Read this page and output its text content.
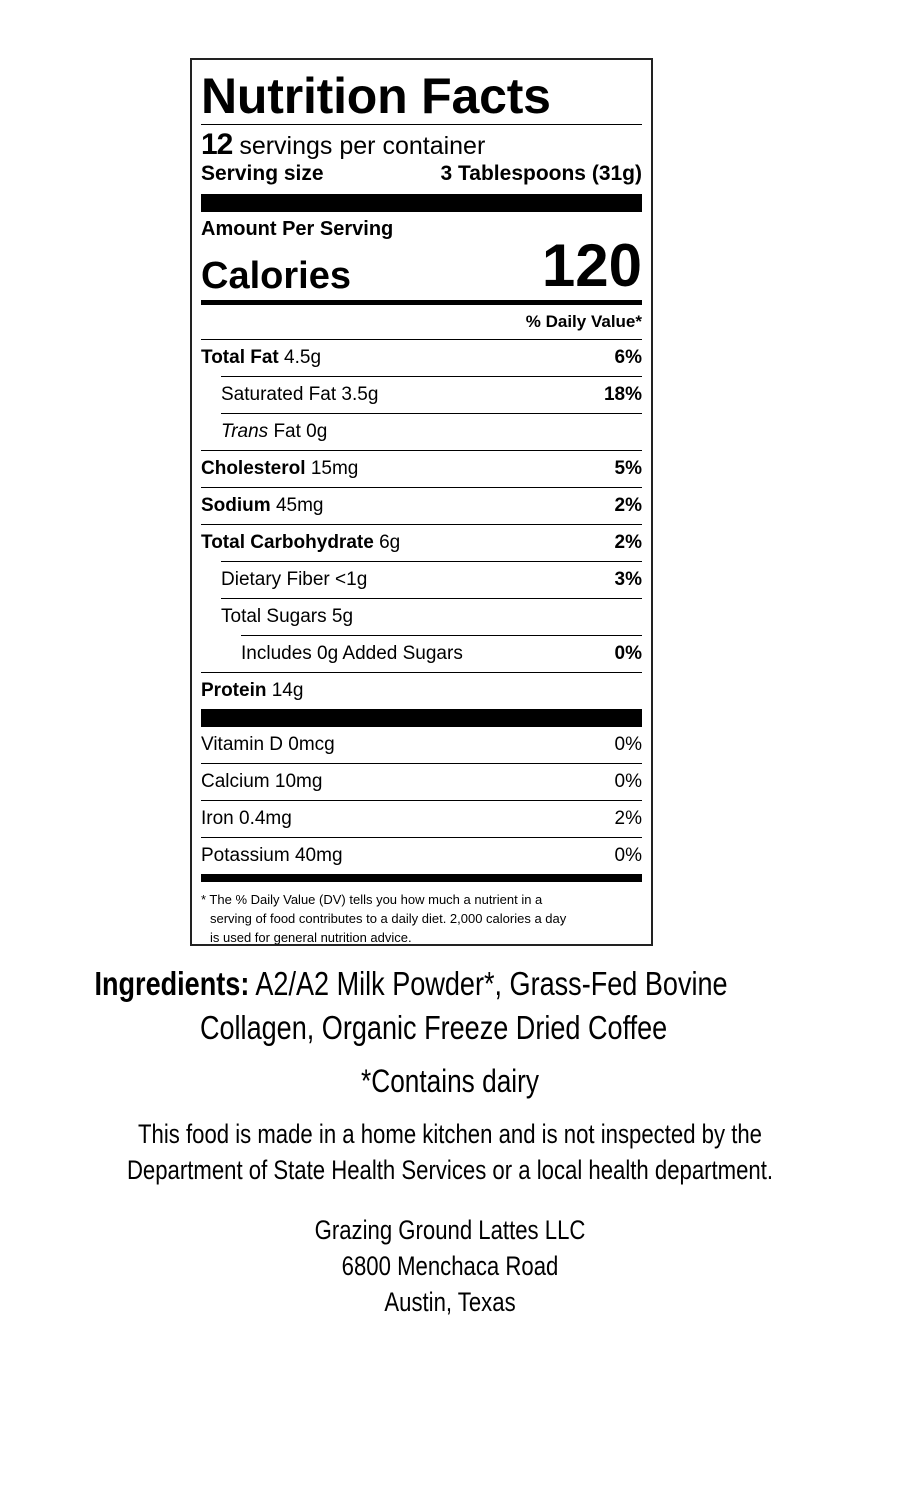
Nutrition Facts
12 servings per container
Serving size	3 Tablespoons (31g)
Amount Per Serving
Calories	120
% Daily Value*
Total Fat 4.5g	6%
Saturated Fat 3.5g	18%
Trans Fat 0g
Cholesterol 15mg	5%
Sodium 45mg	2%
Total Carbohydrate 6g	2%
Dietary Fiber <1g	3%
Total Sugars 5g
Includes 0g Added Sugars	0%
Protein 14g
Vitamin D 0mcg	0%
Calcium 10mg	0%
Iron 0.4mg	2%
Potassium 40mg	0%
* The % Daily Value (DV) tells you how much a nutrient in a
serving of food contributes to a daily diet. 2,000 calories a day
is used for general nutrition advice.
Ingredients: A2/A2 Milk Powder*, Grass-Fed Bovine
Collagen, Organic Freeze Dried Coffee
*Contains dairy
This food is made in a home kitchen and is not inspected by the
Department of State Health Services or a local health department.
Grazing Ground Lattes LLC
6800 Menchaca Road
Austin, Texas
